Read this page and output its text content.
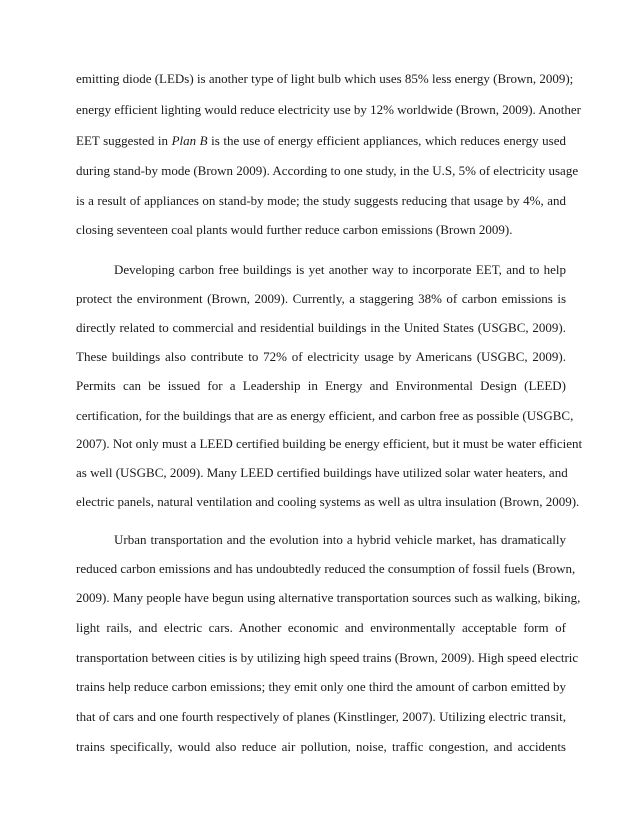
emitting diode (LEDs) is another type of light bulb which uses 85% less energy (Brown, 2009);

energy efficient lighting would reduce electricity use by 12% worldwide (Brown, 2009). Another

EET suggested in Plan B is the use of energy efficient appliances, which reduces energy used

during stand-by mode (Brown 2009). According to one study, in the U.S, 5% of electricity usage

is a result of appliances on stand-by mode; the study suggests reducing that usage by 4%, and

closing seventeen coal plants would further reduce carbon emissions (Brown 2009).

Developing carbon free buildings is yet another way to incorporate EET, and to help

protect the environment (Brown, 2009). Currently, a staggering 38% of carbon emissions is

directly related to commercial and residential buildings in the United States (USGBC, 2009).

These buildings also contribute to 72% of electricity usage by Americans (USGBC, 2009).

Permits can be issued for a Leadership in Energy and Environmental Design (LEED)

certification, for the buildings that are as energy efficient, and carbon free as possible (USGBC,

2007). Not only must a LEED certified building be energy efficient, but it must be water efficient

as well (USGBC, 2009). Many LEED certified buildings have utilized solar water heaters, and

electric panels, natural ventilation and cooling systems as well as ultra insulation (Brown, 2009).

Urban transportation and the evolution into a hybrid vehicle market, has dramatically

reduced carbon emissions and has undoubtedly reduced the consumption of fossil fuels (Brown,

2009). Many people have begun using alternative transportation sources such as walking, biking,

light rails, and electric cars. Another economic and environmentally acceptable form of

transportation between cities is by utilizing high speed trains (Brown, 2009). High speed electric

trains help reduce carbon emissions; they emit only one third the amount of carbon emitted by

that of cars and one fourth respectively of planes (Kinstlinger, 2007). Utilizing electric transit,

trains specifically, would also reduce air pollution, noise, traffic congestion, and accidents
